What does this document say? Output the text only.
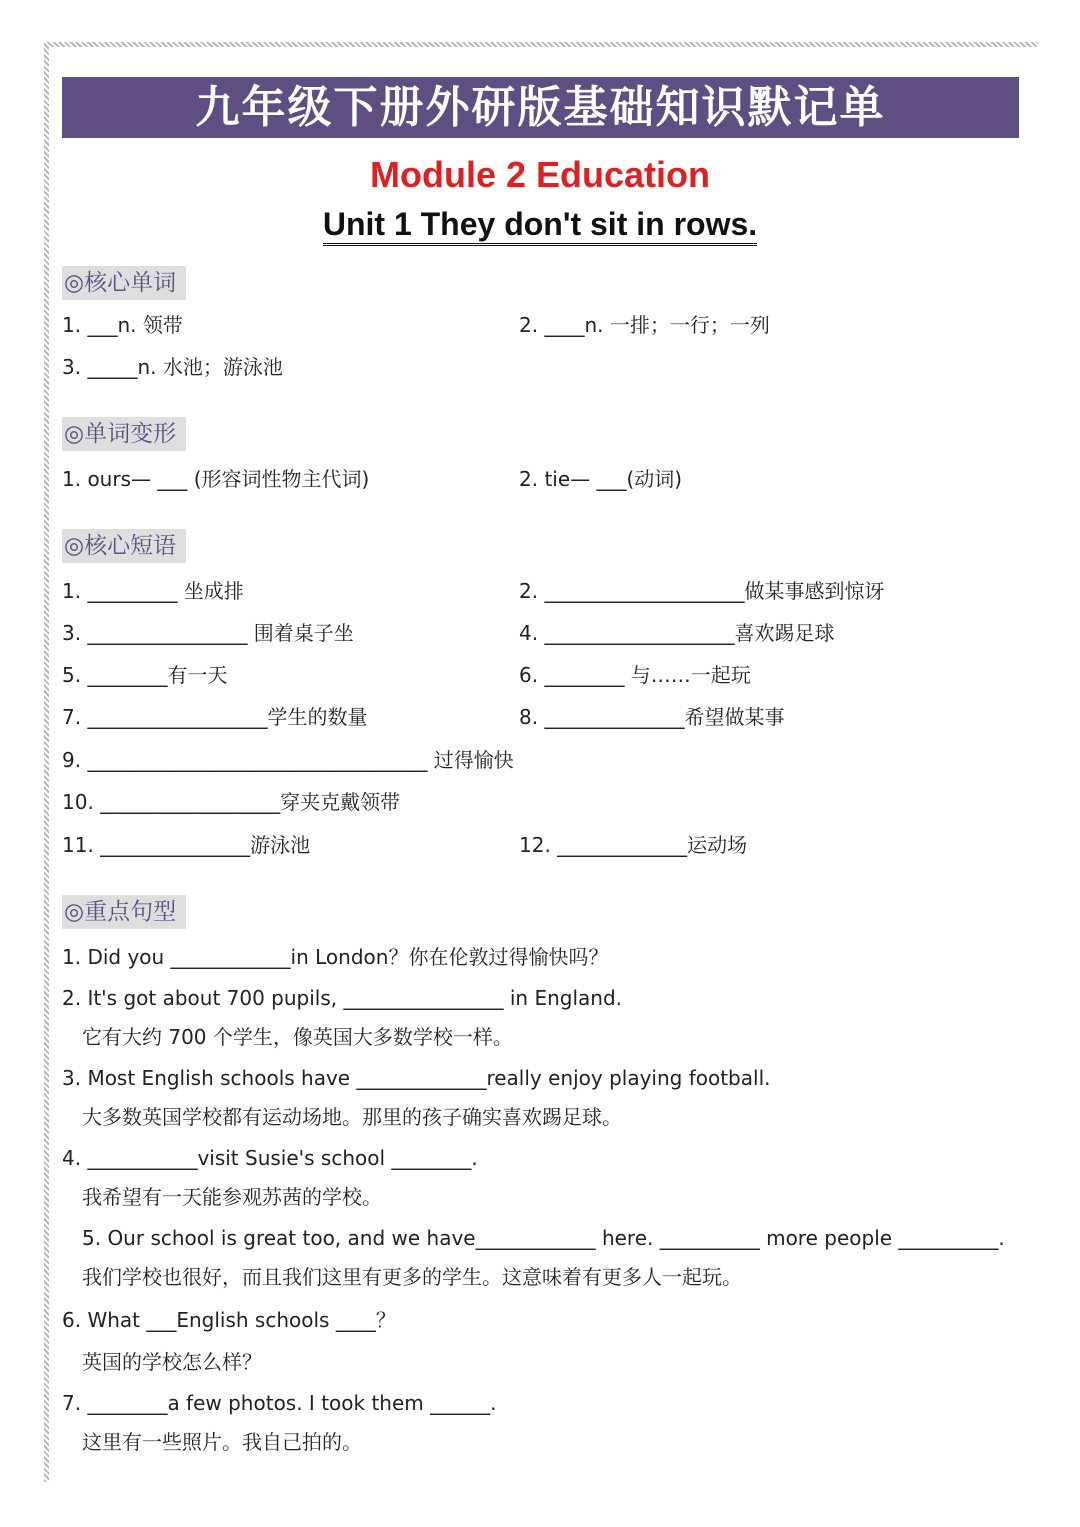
九年级下册外研版基础知识默记单
Module 2 Education
Unit 1 They don't sit in rows.
◎核心单词
1. ___n. 领带	2. ____n. 一排；一行；一列
3. _____n. 水池；游泳池
◎单词变形
1. ours— ___ (形容词性物主代词)	2. tie— ___(动词)
◎核心短语
1. _________ 坐成排	2. ____________________做某事感到惊讶
3. ________________ 围着桌子坐	4. ___________________喜欢踢足球
5. ________有一天	6. ________ 与……一起玩
7. __________________学生的数量	8. ______________希望做某事
9. __________________________________ 过得愉快
10. __________________穿夹克戴领带
11. _______________游泳池	12. _____________运动场
◎重点句型
1. Did you ____________in London？你在伦敦过得愉快吗？
2. It's got about 700 pupils, ________________ in England.
它有大约 700 个学生，像英国大多数学校一样。
3. Most English schools have _____________really enjoy playing football.
大多数英国学校都有运动场地。那里的孩子确实喜欢踢足球。
4. ___________visit Susie's school ________.
我希望有一天能参观苏茜的学校。
5. Our school is great too, and we have____________ here. __________ more people __________.
我们学校也很好，而且我们这里有更多的学生。这意味着有更多人一起玩。
6. What ___English schools ____？
英国的学校怎么样？
7. ________a few photos. I took them ______.
这里有一些照片。我自己拍的。
